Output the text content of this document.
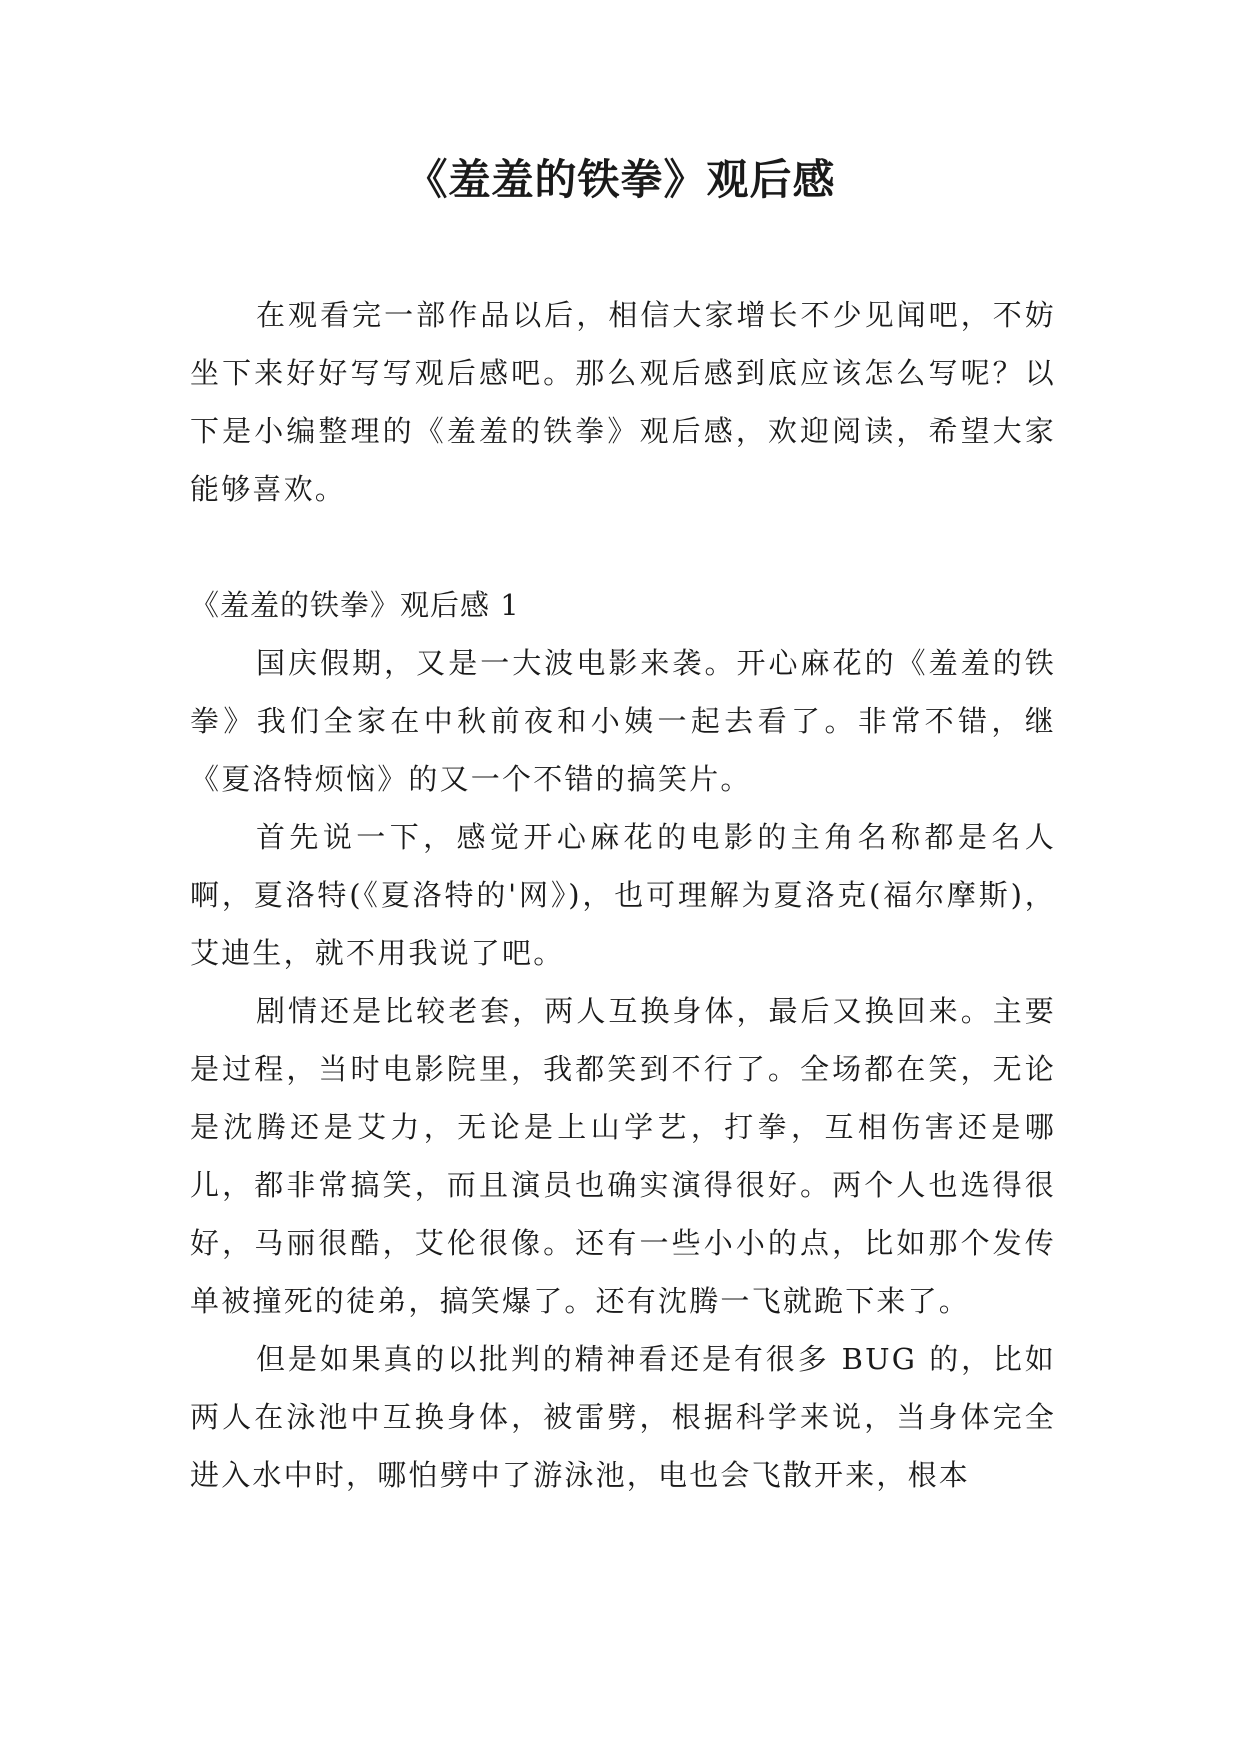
《羞羞的铁拳》观后感

在观看完一部作品以后，相信大家增长不少见闻吧，不妨坐下来好好写写观后感吧。那么观后感到底应该怎么写呢？以下是小编整理的《羞羞的铁拳》观后感，欢迎阅读，希望大家能够喜欢。

《羞羞的铁拳》观后感 1

国庆假期，又是一大波电影来袭。开心麻花的《羞羞的铁拳》我们全家在中秋前夜和小姨一起去看了。非常不错，继《夏洛特烦恼》的又一个不错的搞笑片。

首先说一下，感觉开心麻花的电影的主角名称都是名人啊，夏洛特(《夏洛特的'网》)，也可理解为夏洛克(福尔摩斯)，艾迪生，就不用我说了吧。

剧情还是比较老套，两人互换身体，最后又换回来。主要是过程，当时电影院里，我都笑到不行了。全场都在笑，无论是沈腾还是艾力，无论是上山学艺，打拳，互相伤害还是哪儿，都非常搞笑，而且演员也确实演得很好。两个人也选得很好，马丽很酷，艾伦很像。还有一些小小的点，比如那个发传单被撞死的徒弟，搞笑爆了。还有沈腾一飞就跪下来了。

但是如果真的以批判的精神看还是有很多 BUG 的，比如两人在泳池中互换身体，被雷劈，根据科学来说，当身体完全进入水中时，哪怕劈中了游泳池，电也会飞散开来，根本
